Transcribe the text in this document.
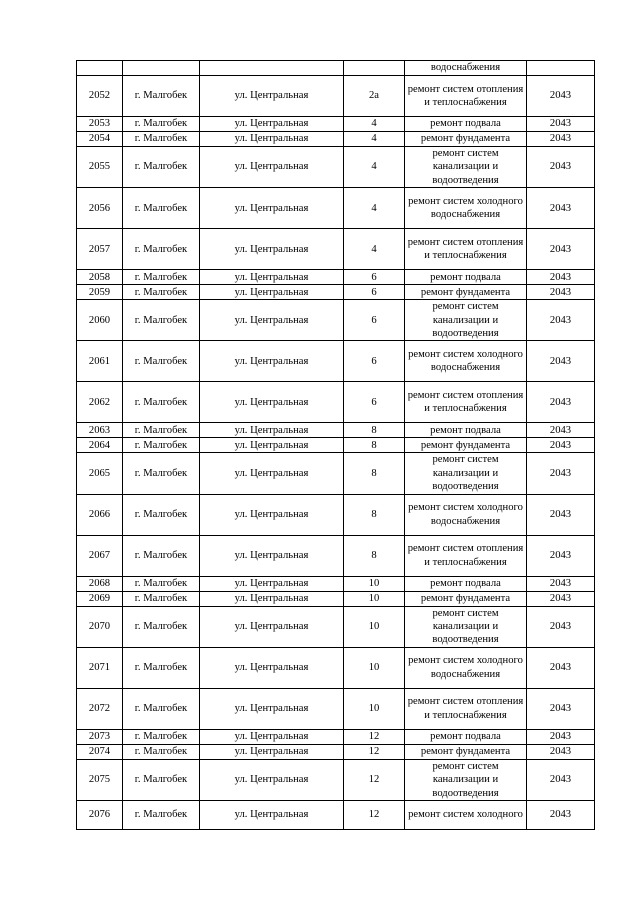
				водоснабжения	
2052	г. Малгобек	ул. Центральная	2а	ремонт систем отопления и теплоснабжения	2043
2053	г. Малгобек	ул. Центральная	4	ремонт подвала	2043
2054	г. Малгобек	ул. Центральная	4	ремонт фундамента	2043
2055	г. Малгобек	ул. Центральная	4	ремонт систем канализации и водоотведения	2043
2056	г. Малгобек	ул. Центральная	4	ремонт систем холодного водоснабжения	2043
2057	г. Малгобек	ул. Центральная	4	ремонт систем отопления и теплоснабжения	2043
2058	г. Малгобек	ул. Центральная	6	ремонт подвала	2043
2059	г. Малгобек	ул. Центральная	6	ремонт фундамента	2043
2060	г. Малгобек	ул. Центральная	6	ремонт систем канализации и водоотведения	2043
2061	г. Малгобек	ул. Центральная	6	ремонт систем холодного водоснабжения	2043
2062	г. Малгобек	ул. Центральная	6	ремонт систем отопления и теплоснабжения	2043
2063	г. Малгобек	ул. Центральная	8	ремонт подвала	2043
2064	г. Малгобек	ул. Центральная	8	ремонт фундамента	2043
2065	г. Малгобек	ул. Центральная	8	ремонт систем канализации и водоотведения	2043
2066	г. Малгобек	ул. Центральная	8	ремонт систем холодного водоснабжения	2043
2067	г. Малгобек	ул. Центральная	8	ремонт систем отопления и теплоснабжения	2043
2068	г. Малгобек	ул. Центральная	10	ремонт подвала	2043
2069	г. Малгобек	ул. Центральная	10	ремонт фундамента	2043
2070	г. Малгобек	ул. Центральная	10	ремонт систем канализации и водоотведения	2043
2071	г. Малгобек	ул. Центральная	10	ремонт систем холодного водоснабжения	2043
2072	г. Малгобек	ул. Центральная	10	ремонт систем отопления и теплоснабжения	2043
2073	г. Малгобек	ул. Центральная	12	ремонт подвала	2043
2074	г. Малгобек	ул. Центральная	12	ремонт фундамента	2043
2075	г. Малгобек	ул. Центральная	12	ремонт систем канализации и водоотведения	2043
2076	г. Малгобек	ул. Центральная	12	ремонт систем холодного	2043
